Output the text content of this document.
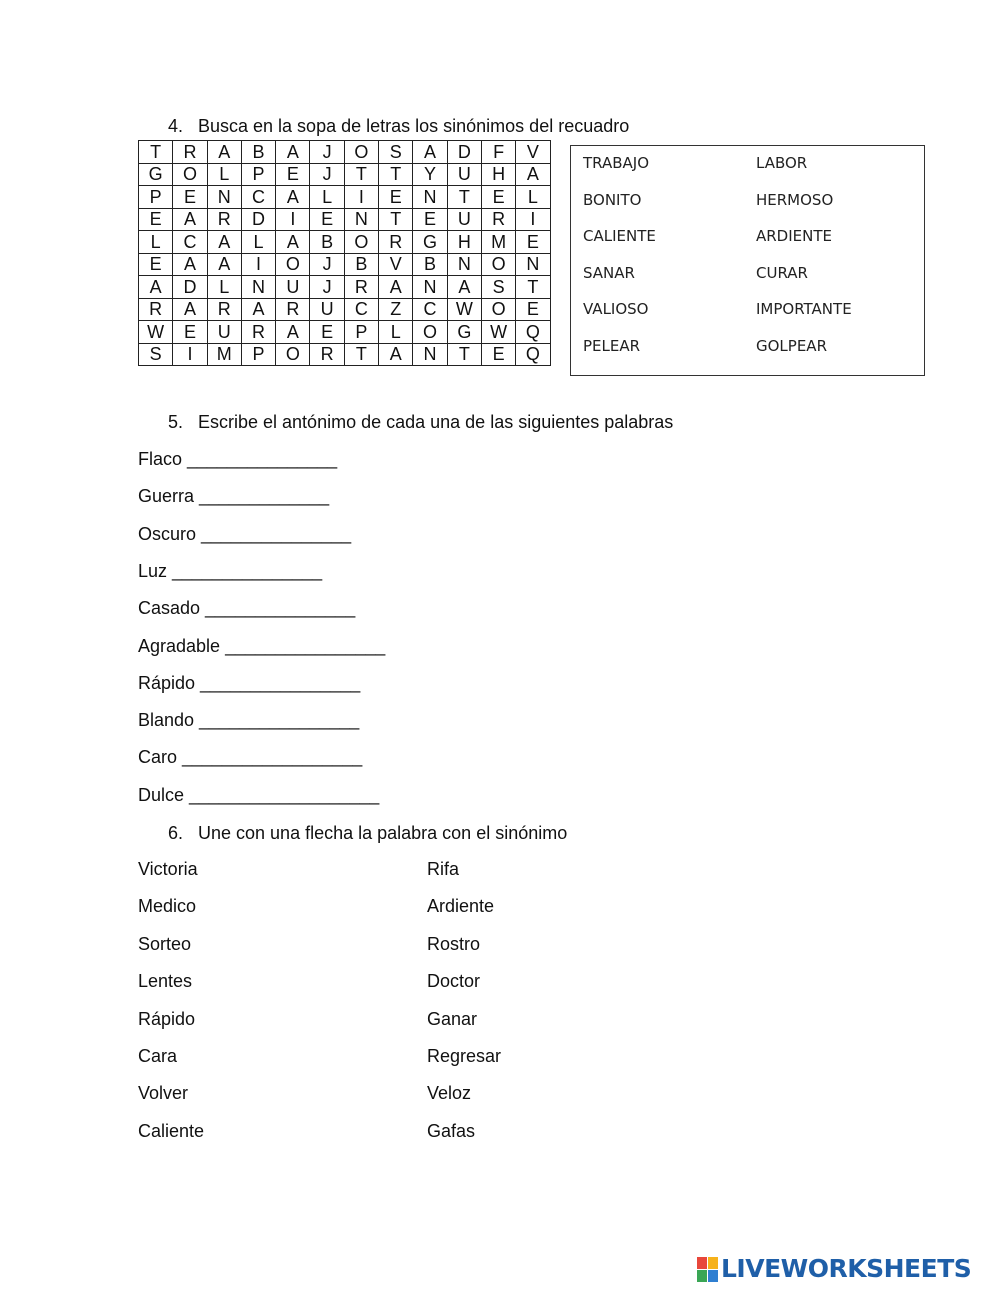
4. Busca en la sopa de letras los sinónimos del recuadro
T	R	A	B	A	J	O	S	A	D	F	V
G	O	L	P	E	J	T	T	Y	U	H	A
P	E	N	C	A	L	I	E	N	T	E	L
E	A	R	D	I	E	N	T	E	U	R	I
L	C	A	L	A	B	O	R	G	H	M	E
E	A	A	I	O	J	B	V	B	N	O	N
A	D	L	N	U	J	R	A	N	A	S	T
R	A	R	A	R	U	C	Z	C	W	O	E
W	E	U	R	A	E	P	L	O	G	W	Q
S	I	M	P	O	R	T	A	N	T	E	Q
TRABAJO	LABOR
BONITO	HERMOSO
CALIENTE	ARDIENTE
SANAR	CURAR
VALIOSO	IMPORTANTE
PELEAR	GOLPEAR
5. Escribe el antónimo de cada una de las siguientes palabras
Flaco _______________
Guerra _____________
Oscuro _______________
Luz _______________
Casado _______________
Agradable ________________
Rápido ________________
Blando ________________
Caro __________________
Dulce ___________________
6. Une con una flecha la palabra con el sinónimo
Victoria	Rifa
Medico	Ardiente
Sorteo	Rostro
Lentes	Doctor
Rápido	Ganar
Cara	Regresar
Volver	Veloz
Caliente	Gafas
LIVEWORKSHEETS
